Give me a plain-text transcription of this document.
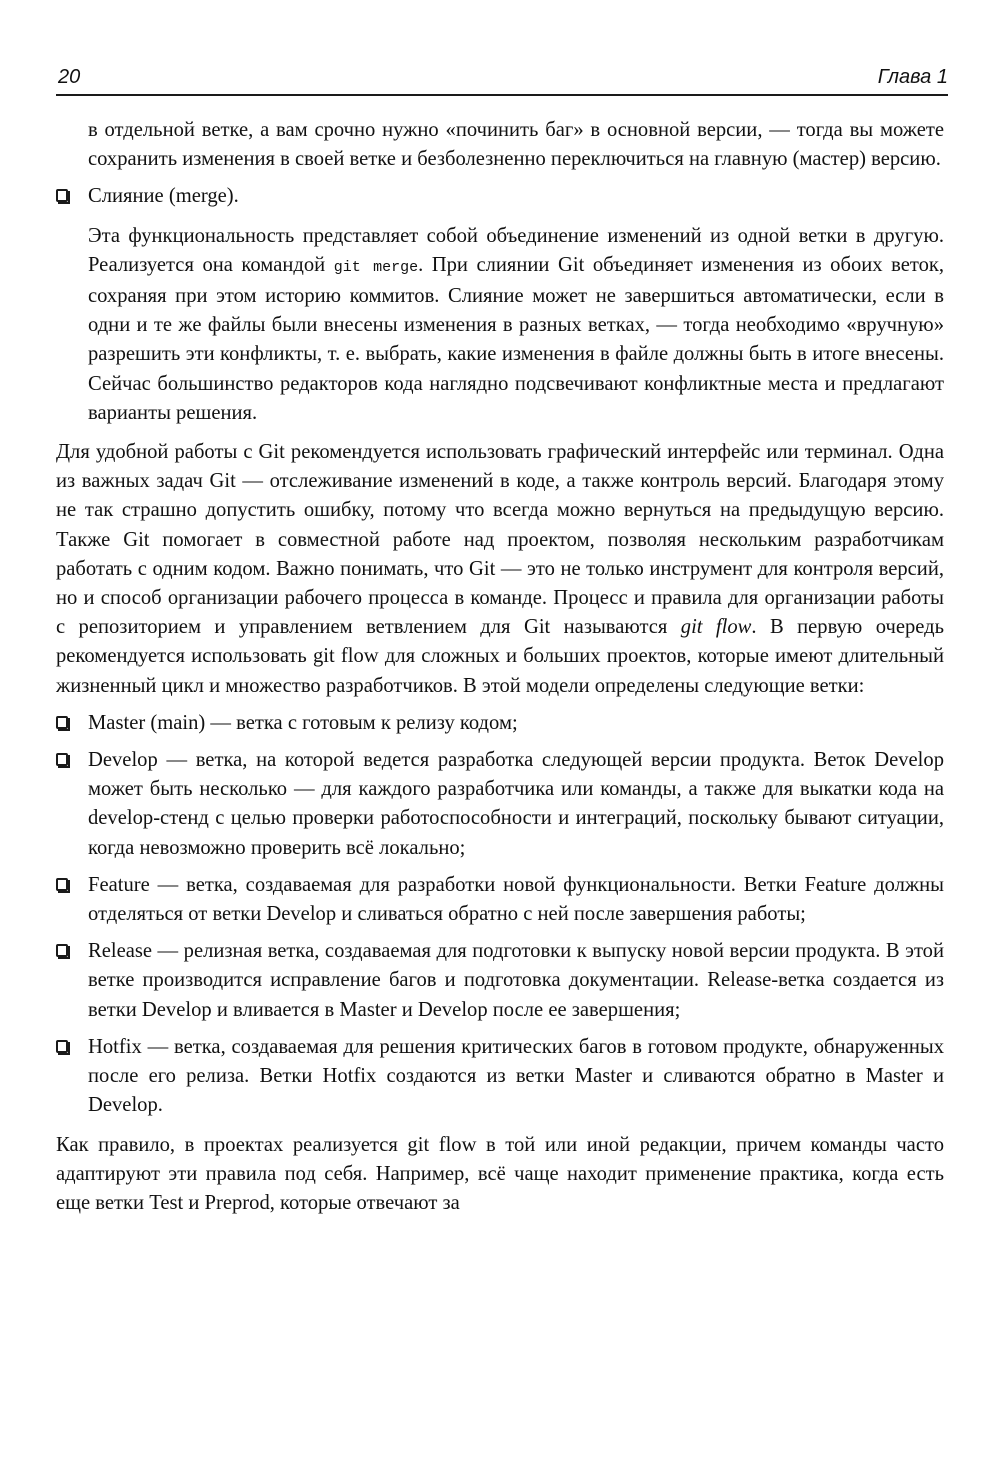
20	Глава 1

в отдельной ветке, а вам срочно нужно «починить баг» в основной версии, — тогда вы можете сохранить изменения в своей ветке и безболезненно переключиться на главную (мастер) версию.

Слияние (merge).

Эта функциональность представляет собой объединение изменений из одной ветки в другую. Реализуется она командой git merge. При слиянии Git объединяет изменения из обоих веток, сохраняя при этом историю коммитов. Слияние может не завершиться автоматически, если в одни и те же файлы были внесены изменения в разных ветках, — тогда необходимо «вручную» разрешить эти конфликты, т. е. выбрать, какие изменения в файле должны быть в итоге внесены. Сейчас большинство редакторов кода наглядно подсвечивают конфликтные места и предлагают варианты решения.

Для удобной работы с Git рекомендуется использовать графический интерфейс или терминал. Одна из важных задач Git — отслеживание изменений в коде, а также контроль версий. Благодаря этому не так страшно допустить ошибку, потому что всегда можно вернуться на предыдущую версию. Также Git помогает в совместной работе над проектом, позволяя нескольким разработчикам работать с одним кодом. Важно понимать, что Git — это не только инструмент для контроля версий, но и способ организации рабочего процесса в команде. Процесс и правила для организации работы с репозиторием и управлением ветвлением для Git называются git flow. В первую очередь рекомендуется использовать git flow для сложных и больших проектов, которые имеют длительный жизненный цикл и множество разработчиков. В этой модели определены следующие ветки:

Master (main) — ветка с готовым к релизу кодом;

Develop — ветка, на которой ведется разработка следующей версии продукта. Веток Develop может быть несколько — для каждого разработчика или команды, а также для выкатки кода на develop-стенд с целью проверки работоспособности и интеграций, поскольку бывают ситуации, когда невозможно проверить всё локально;

Feature — ветка, создаваемая для разработки новой функциональности. Ветки Feature должны отделяться от ветки Develop и сливаться обратно с ней после завершения работы;

Release — релизная ветка, создаваемая для подготовки к выпуску новой версии продукта. В этой ветке производится исправление багов и подготовка документации. Release-ветка создается из ветки Develop и вливается в Master и Develop после ее завершения;

Hotfix — ветка, создаваемая для решения критических багов в готовом продукте, обнаруженных после его релиза. Ветки Hotfix создаются из ветки Master и сливаются обратно в Master и Develop.

Как правило, в проектах реализуется git flow в той или иной редакции, причем команды часто адаптируют эти правила под себя. Например, всё чаще находит применение практика, когда есть еще ветки Test и Preprod, которые отвечают за
